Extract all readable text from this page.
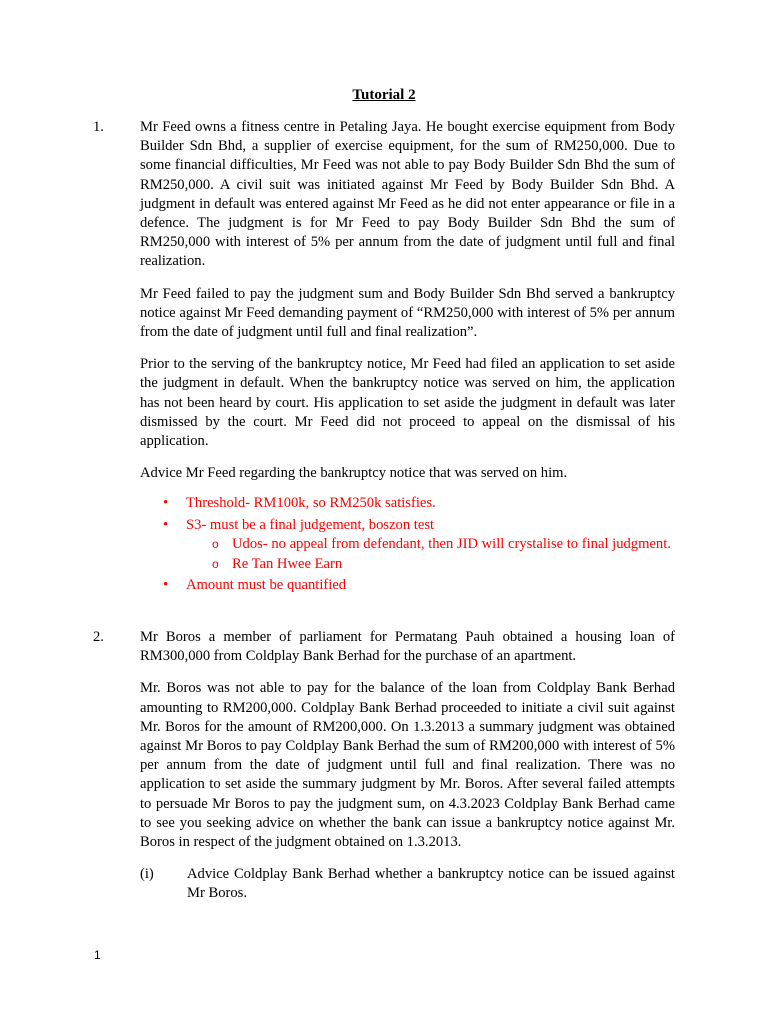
Tutorial 2
1. Mr Feed owns a fitness centre in Petaling Jaya. He bought exercise equipment from Body Builder Sdn Bhd, a supplier of exercise equipment, for the sum of RM250,000. Due to some financial difficulties, Mr Feed was not able to pay Body Builder Sdn Bhd the sum of RM250,000. A civil suit was initiated against Mr Feed by Body Builder Sdn Bhd. A judgment in default was entered against Mr Feed as he did not enter appearance or file in a defence. The judgment is for Mr Feed to pay Body Builder Sdn Bhd the sum of RM250,000 with interest of 5% per annum from the date of judgment until full and final realization.

Mr Feed failed to pay the judgment sum and Body Builder Sdn Bhd served a bankruptcy notice against Mr Feed demanding payment of “RM250,000 with interest of 5% per annum from the date of judgment until full and final realization”.

Prior to the serving of the bankruptcy notice, Mr Feed had filed an application to set aside the judgment in default. When the bankruptcy notice was served on him, the application has not been heard by court. His application to set aside the judgment in default was later dismissed by the court. Mr Feed did not proceed to appeal on the dismissal of his application.

Advice Mr Feed regarding the bankruptcy notice that was served on him.

• Threshold- RM100k, so RM250k satisfies.
• S3- must be a final judgement, boszon test
o Udos- no appeal from defendant, then JID will crystalise to final judgment.
o Re Tan Hwee Earn
• Amount must be quantified
2. Mr Boros a member of parliament for Permatang Pauh obtained a housing loan of RM300,000 from Coldplay Bank Berhad for the purchase of an apartment.

Mr. Boros was not able to pay for the balance of the loan from Coldplay Bank Berhad amounting to RM200,000. Coldplay Bank Berhad proceeded to initiate a civil suit against Mr. Boros for the amount of RM200,000. On 1.3.2013 a summary judgment was obtained against Mr Boros to pay Coldplay Bank Berhad the sum of RM200,000 with interest of 5% per annum from the date of judgment until full and final realization. There was no application to set aside the summary judgment by Mr. Boros. After several failed attempts to persuade Mr Boros to pay the judgment sum, on 4.3.2023 Coldplay Bank Berhad came to see you seeking advice on whether the bank can issue a bankruptcy notice against Mr. Boros in respect of the judgment obtained on 1.3.2013.

(i) Advice Coldplay Bank Berhad whether a bankruptcy notice can be issued against Mr Boros.

1
